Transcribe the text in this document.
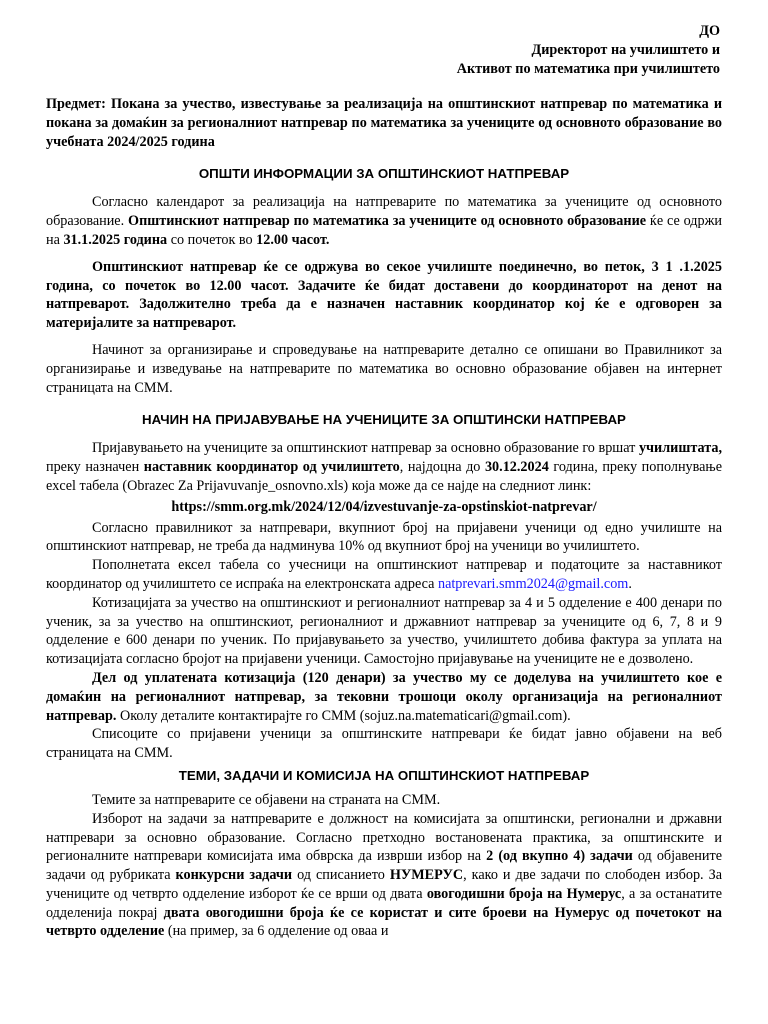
ДО
Директорот на училиштето и
Активот по математика при училиштето
Предмет: Покана за учество, известување за реализација на општинскиот натпревар по математика и покана за домаќин за регионалниот натпревар по математика за учениците од основното образование во учебната 2024/2025 година
ОПШТИ ИНФОРМАЦИИ ЗА ОПШТИНСКИОТ НАТПРЕВАР

Согласно календарот за реализација на натпреварите по математика за учениците од основното образование. Општинскиот натпревар по математика за учениците од основното образование ќе се одржи на 31.1.2025 година со почеток во 12.00 часот.

Општинскиот натпревар ќе се одржува во секое училиште поединечно, во петок, 3 1 .1.2025 година, со почеток во 12.00 часот. Задачите ќе бидат доставени до координаторот на денот на натпреварот. Задолжително треба да е назначен наставник координатор кој ќе е одговорен за материјалите за натпреварот.

Начинот за организирање и спроведување на натпреварите детално се опишани во Правилникот за организирање и изведување на натпреварите по математика во основно образование објавен на интернет страницата на СММ.

НАЧИН НА ПРИЈАВУВАЊЕ НА УЧЕНИЦИТЕ ЗА ОПШТИНСКИ НАТПРЕВАР

Пријавувањето на учениците за општинскиот натпревар за основно образование го вршат училиштата, преку назначен наставник координатор од училиштето, најдоцна до 30.12.2024 година, преку пополнување excel табела (Obrazec Za Prijavuvanje_osnovno.xls) која може да се најде на следниот линк:

https://smm.org.mk/2024/12/04/izvestuvanje-za-opstinskiot-natprevar/

Согласно правилникот за натпревари, вкупниот број на пријавени ученици од едно училиште на општинскиот натпревар, не треба да надминува 10% од вкупниот број на ученици во училиштето.

Пополнетата ексел табела со учесници на општинскиот натпревар и податоците за наставникот координатор од училиштето се испраќа на електронската адреса natprevari.smm2024@gmail.com.

Котизацијата за учество на општинскиот и регионалниот натпревар за 4 и 5 одделение е 400 денари по ученик, за за учество на општинскиот, регионалниот и државниот натпревар за учениците од 6, 7, 8 и 9 одделение е 600 денари по ученик. По пријавувањето за учество, училиштето добива фактура за уплата на котизацијата согласно бројот на пријавени ученици. Самостојно пријавување на учениците не е дозволено.

Дел од уплатената котизација (120 денари) за учество му се доделува на училиштето кое е домаќин на регионалниот натпревар, за тековни трошоци околу организација на регионалниот натпревар. Околу деталите контактирајте го СММ (sojuz.na.matematicari@gmail.com).

Списоците со пријавени ученици за општинските натпревари ќе бидат јавно објавени на веб страницата на СММ.

ТЕМИ, ЗАДАЧИ И КОМИСИЈА НА ОПШТИНСКИОТ НАТПРЕВАР

Темите за натпреварите се објавени на страната на СММ.

Изборот на задачи за натпреварите е должност на комисијата за општински, регионални и државни натпревари за основно образование. Согласно претходно востановената практика, за општинските и регионалните натпревари комисијата има обврска да изврши избор на 2 (од вкупно 4) задачи од објавените задачи од рубриката конкурсни задачи од списанието НУМЕРУС, како и две задачи по слободен избор. За учениците од четврто одделение изборот ќе се врши од двата овогодишни броја на Нумерус, а за останатите одделенија покрај двата овогодишни броја ќе се користат и сите броеви на Нумерус од почетокот на четврто одделение (на пример, за 6 одделение од оваа и
